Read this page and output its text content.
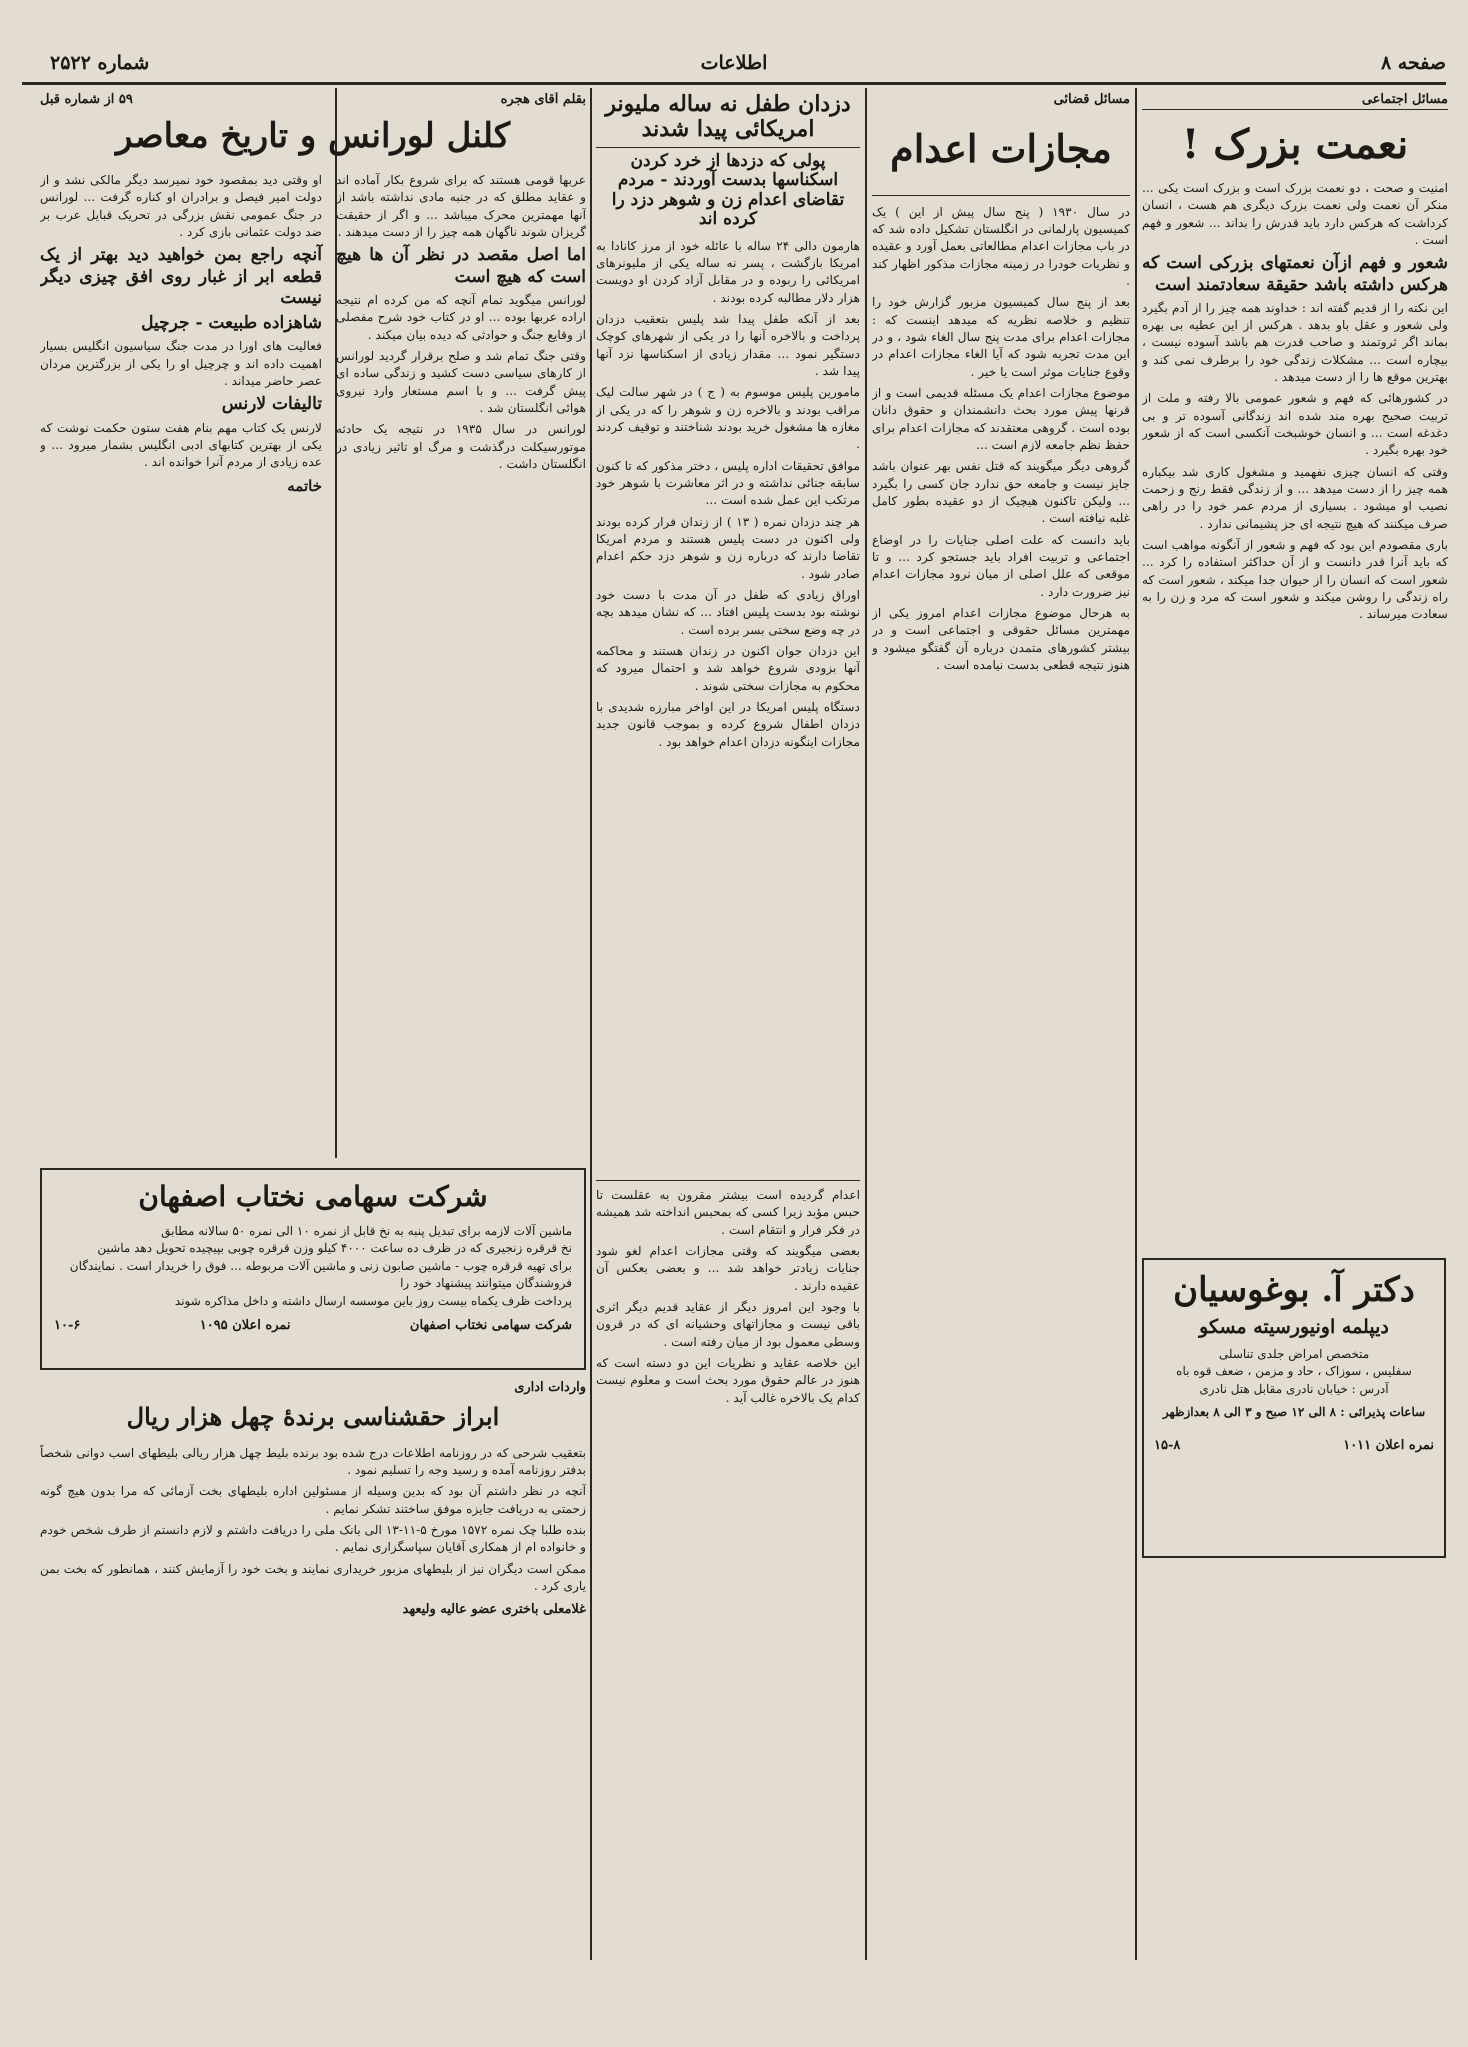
صفحه ۸
اطلاعات
شماره ۲۵۲۲
مسائل اجتماعی
نعمت بزرک !

امنیت و صحت ، دو نعمت بزرک است و بزرک است یکی ... منکر آن نعمت ولی نعمت بزرک دیگری هم هست ، انسان کرداشت که هرکس دارد باید قدرش را بداند ... شعور و فهم است .

شعور و فهم ازآن نعمتهای بزرکی است که هرکس داشته باشد حقیقة سعادتمند است

این نکته را از قدیم گفته اند : خداوند همه چیز را از آدم بگیرد ولی شعور و عقل باو بدهد . هرکس از این عطیه بی بهره بماند اگر ثروتمند و صاحب قدرت هم باشد آسوده نیست ، بیچاره است ... مشکلات زندگی خود را برطرف نمی کند و بهترین موقع ها را از دست میدهد .

در کشورهائی که فهم و شعور عمومی بالا رفته و ملت از تربیت صحیح بهره مند شده اند زندگانی آسوده تر و بی دغدغه است ... و انسان خوشبخت آنکسی است که از شعور خود بهره بگیرد .

وقتی که انسان چیزی نفهمید و مشغول کاری شد بیکباره همه چیز را از دست میدهد ... و از زندگی فقط رنج و زحمت نصیب او میشود . بسیاری از مردم عمر خود را در راهی صرف میکنند که هیچ نتیجه ای جز پشیمانی ندارد .

باری مقصودم این بود که فهم و شعور از آنگونه مواهب است که باید آنرا قدر دانست و از آن حداکثر استفاده را کرد ... شعور است که انسان را از حیوان جدا میکند ، شعور است که راه زندگی را روشن میکند و شعور است که مرد و زن را به سعادت میرساند .

دکتر آ. بوغوسیان
دیپلمه اونیورسیته مسکو
متخصص امراض جلدی تناسلی
سفلیس ، سوزاک ، حاد و مزمن ، ضعف قوه باه
آدرس : خیابان نادری مقابل هتل نادری
ساعات پذیرائی : ۸ الی ۱۲ صبح و ۳ الی ۸ بعدازظهر
نمره اعلان ۱۰۱۱
۱۵-۸
مسائل قضائی
مجازات اعدام

در سال ۱۹۳۰ ( پنج سال پیش از این ) یک کمیسیون پارلمانی در انگلستان تشکیل داده شد که در باب مجازات اعدام مطالعاتی بعمل آورد و عقیده و نظریات خودرا در زمینه مجازات مذکور اظهار کند .

بعد از پنج سال کمیسیون مزبور گزارش خود را تنظیم و خلاصه نظریه که میدهد اینست که : مجازات اعدام برای مدت پنج سال الغاء شود ، و در این مدت تجربه شود که آیا الغاء مجازات اعدام در وقوع جنایات موثر است یا خیر .

موضوع مجازات اعدام یک مسئله قدیمی است و از قرنها پیش مورد بحث دانشمندان و حقوق دانان بوده است . گروهی معتقدند که مجازات اعدام برای حفظ نظم جامعه لازم است ...

گروهی دیگر میگویند که قتل نفس بهر عنوان باشد جایز نیست و جامعه حق ندارد جان کسی را بگیرد ... ولیکن تاکنون هیچیک از دو عقیده بطور کامل غلبه نیافته است .

باید دانست که علت اصلی جنایات را در اوضاع اجتماعی و تربیت افراد باید جستجو کرد ... و تا موقعی که علل اصلی از میان نرود مجازات اعدام نیز ضرورت دارد .

به هرحال موضوع مجازات اعدام امروز یکی از مهمترین مسائل حقوقی و اجتماعی است و در بیشتر کشورهای متمدن درباره آن گفتگو میشود و هنوز نتیجه قطعی بدست نیامده است .

دزدان طفل نه ساله ملیونر امریکائی پیدا شدند
پولی که دزدها از خرد کردن اسکناسها بدست آوردند - مردم تقاضای اعدام زن و شوهر دزد را کرده اند

هارمون دالی ۲۴ ساله با عائله خود از مرز کانادا به امریکا بازگشت ، پسر نه ساله یکی از ملیونرهای امریکائی را ربوده و در مقابل آزاد کردن او دویست هزار دلار مطالبه کرده بودند .

بعد از آنکه طفل پیدا شد پلیس بتعقیب دزدان پرداخت و بالاخره آنها را در یکی از شهرهای کوچک دستگیر نمود ... مقدار زیادی از اسکناسها نزد آنها پیدا شد .

مامورین پلیس موسوم به ( ج ) در شهر سالت لیک مراقب بودند و بالاخره زن و شوهر را که در یکی از مغازه ها مشغول خرید بودند شناختند و توقیف کردند .

موافق تحقیقات اداره پلیس ، دختر مذکور که تا کنون سابقه جنائی نداشته و در اثر معاشرت با شوهر خود مرتکب این عمل شده است ...

هر چند دزدان نمره ( ۱۳ ) از زندان فرار کرده بودند ولی اکنون در دست پلیس هستند و مردم امریکا تقاضا دارند که درباره زن و شوهر دزد حکم اعدام صادر شود .

اوراق زیادی که طفل در آن مدت با دست خود نوشته بود بدست پلیس افتاد ... که نشان میدهد بچه در چه وضع سختی بسر برده است .

این دزدان جوان اکنون در زندان هستند و محاکمه آنها بزودی شروع خواهد شد و احتمال میرود که محکوم به مجازات سختی شوند .

دستگاه پلیس امریکا در این اواخر مبارزه شدیدی با دزدان اطفال شروع کرده و بموجب قانون جدید مجازات اینگونه دزدان اعدام خواهد بود .

بقلم آقای هجره
۵۹ از شماره قبل
کلنل لورانس و تاریخ معاصر

عربها قومی هستند که برای شروع بکار آماده اند و عقاید مطلق که در جنبه مادی نداشته باشد از آنها مهمترین محرک میباشد ... و اگر از حقیقت گریزان شوند ناگهان همه چیز را از دست میدهند .

اما اصل مقصد در نظر آن ها هیچ است که هیچ است

لورانس میگوید تمام آنچه که من کرده ام نتیجه اراده عربها بوده ... او در کتاب خود شرح مفصلی از وقایع جنگ و حوادثی که دیده بیان میکند .

وقتی جنگ تمام شد و صلح برقرار گردید لورانس از کارهای سیاسی دست کشید و زندگی ساده ای پیش گرفت ... و با اسم مستعار وارد نیروی هوائی انگلستان شد .

لورانس در سال ۱۹۳۵ در نتیجه یک حادثه موتورسیکلت درگذشت و مرگ او تاثیر زیادی در انگلستان داشت .

او وقتی دید بمقصود خود نمیرسد دیگر مالکی نشد و از دولت امیر فیصل و برادران او کناره گرفت ... لورانس در جنگ عمومی نقش بزرگی در تحریک قبایل عرب بر ضد دولت عثمانی بازی کرد .

آنچه راجع بمن خواهید دید بهتر از یک قطعه ابر از غبار روی افق چیزی دیگر نیست
شاهزاده طبیعت - جرچیل

فعالیت های اورا در مدت جنگ سیاسیون انگلیس بسیار اهمیت داده اند و چرچیل او را یکی از بزرگترین مردان عصر حاضر میداند .

تالیفات لارنس

لارنس یک کتاب مهم بنام هفت ستون حکمت نوشت که یکی از بهترین کتابهای ادبی انگلیس بشمار میرود ... و عده زیادی از مردم آنرا خوانده اند .

خاتمه
شرکت سهامی نختاب اصفهان
ماشین آلات لازمه برای تبدیل پنبه به نخ قابل از نمره ۱۰ الی نمره ۵۰ سالانه مطابق
نخ قرقره زنجیری که در ظرف ده ساعت ۴۰۰۰ کیلو وزن قرقره چوبی بپیچیده تحویل دهد ماشین
برای تهیه قرقره چوب - ماشین صابون زنی و ماشین آلات مربوطه ... فوق را خریدار است . نمایندگان فروشندگان میتوانند پیشنهاد خود را
پرداخت ظرف یکماه بیست روز باین موسسه ارسال داشته و داخل مذاکره شوند
شرکت سهامی نختاب اصفهان
نمره اعلان ۱۰۹۵
۱۰-۶
واردات اداری
ابراز حقشناسی برندهٔ چهل هزار ریال

بتعقیب شرحی که در روزنامه اطلاعات درج شده بود برنده بلیط چهل هزار ریالی بلیطهای اسب دوانی شخصاً بدفتر روزنامه آمده و رسید وجه را تسلیم نمود .

آنچه در نظر داشتم آن بود که بدین وسیله از مسئولین اداره بلیطهای بخت آزمائی که مرا بدون هیچ گونه زحمتی به دریافت جایزه موفق ساختند تشکر نمایم .

بنده طلبا چک نمره ۱۵۷۲ مورخ ۵-۱۱-۱۳ الی بانک ملی را دریافت داشتم و لازم دانستم از طرف شخص خودم و خانواده ام از همکاری آقایان سپاسگزاری نمایم .

ممکن است دیگران نیز از بلیطهای مزبور خریداری نمایند و بخت خود را آزمایش کنند ، همانطور که بخت بمن یاری کرد .

غلامعلی باختری عضو عالیه ولیعهد

اعدام گردیده است بیشتر مقرون به عقلست تا حبس مؤبد زیرا کسی که بمحبس انداخته شد همیشه در فکر فرار و انتقام است .

بعضی میگویند که وقتی مجازات اعدام لغو شود جنایات زیادتر خواهد شد ... و بعضی بعکس آن عقیده دارند .

با وجود این امروز دیگر از عقاید قدیم دیگر اثری باقی نیست و مجازاتهای وحشیانه ای که در قرون وسطی معمول بود از میان رفته است .

این خلاصه عقاید و نظریات این دو دسته است که هنوز در عالم حقوق مورد بحث است و معلوم نیست کدام یک بالاخره غالب آید .
